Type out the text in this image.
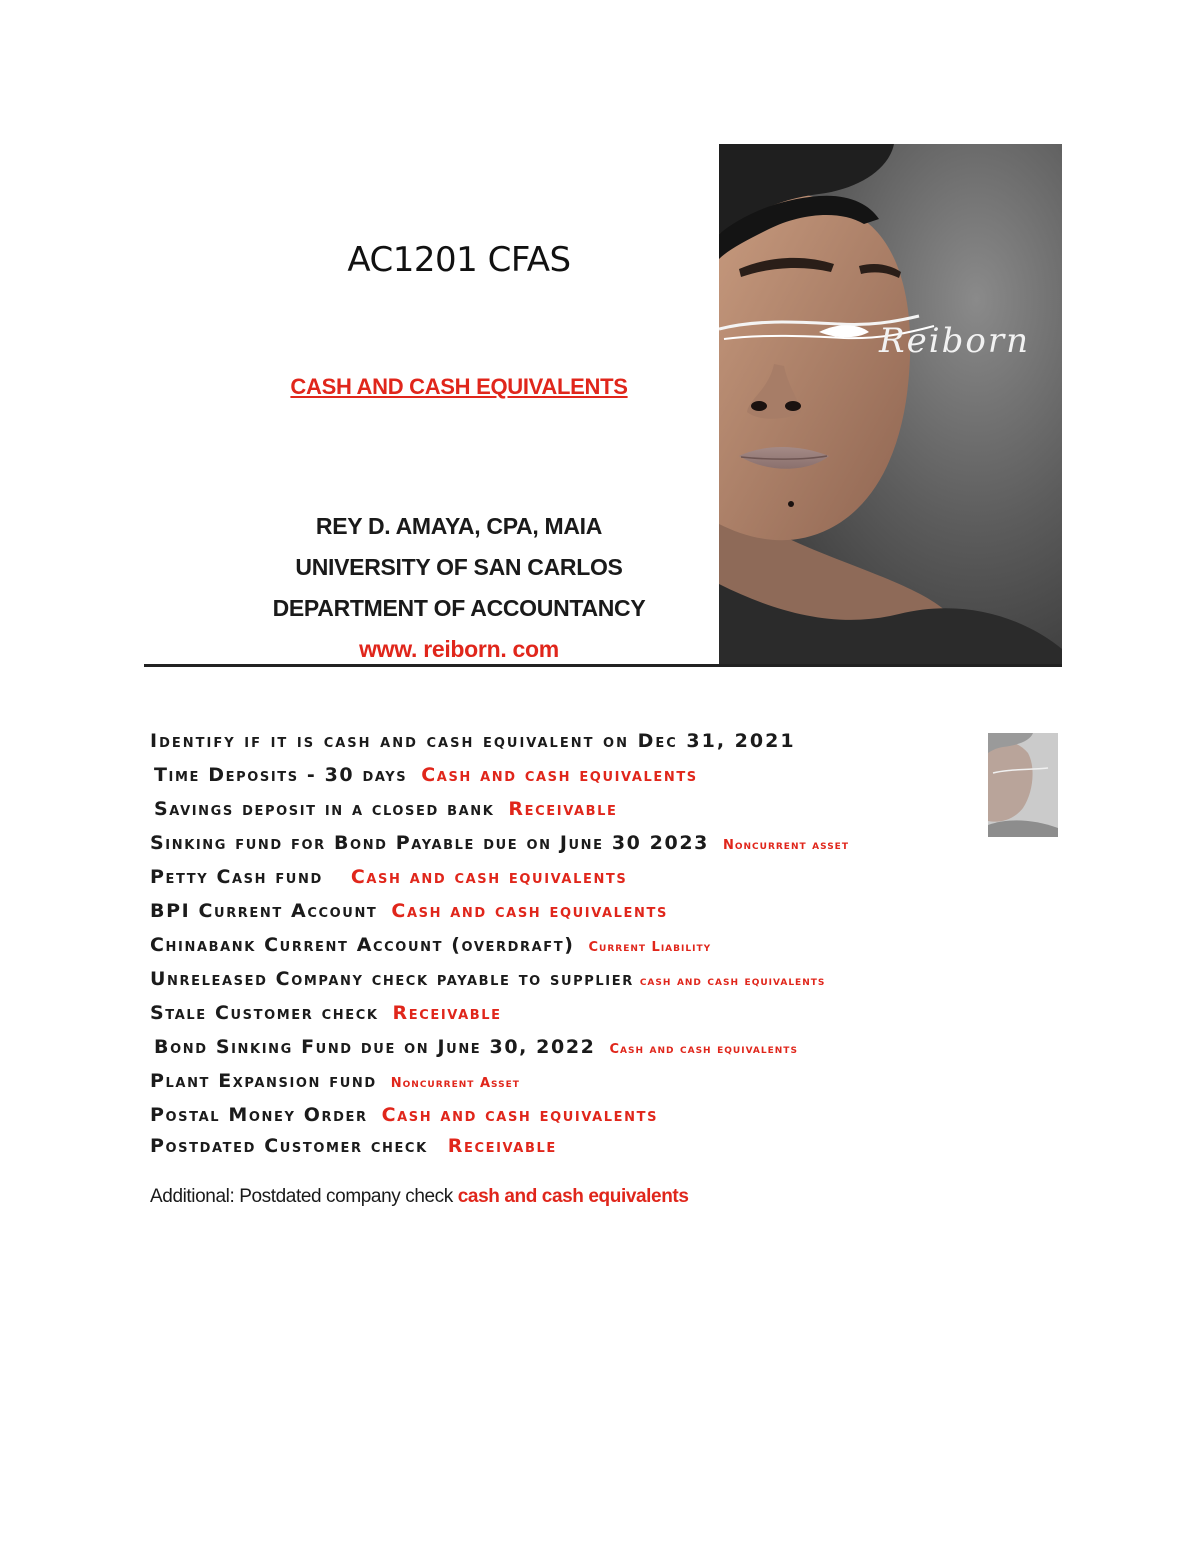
AC1201 CFAS
CASH AND CASH EQUIVALENTS
REY D. AMAYA, CPA, MAIA
UNIVERSITY OF SAN CARLOS
DEPARTMENT OF ACCOUNTANCY
www. reiborn. com
Reiborn
Identify if it is cash and cash equivalent on Dec 31, 2021
Time Deposits - 30 days Cash and cash equivalents
Savings deposit in a closed bank Receivable
Sinking fund for Bond Payable due on June 30 2023 Noncurrent asset
Petty Cash fund Cash and cash equivalents
BPI Current Account Cash and cash equivalents
Chinabank Current Account (overdraft) Current Liability
Unreleased Company check payable to supplier cash and cash equivalents
Stale Customer check Receivable
Bond Sinking Fund due on June 30, 2022 Cash and cash equivalents
Plant Expansion fund Noncurrent Asset
Postal Money Order Cash and cash equivalents
Postdated Customer check Receivable
Additional: Postdated company check cash and cash equivalents
